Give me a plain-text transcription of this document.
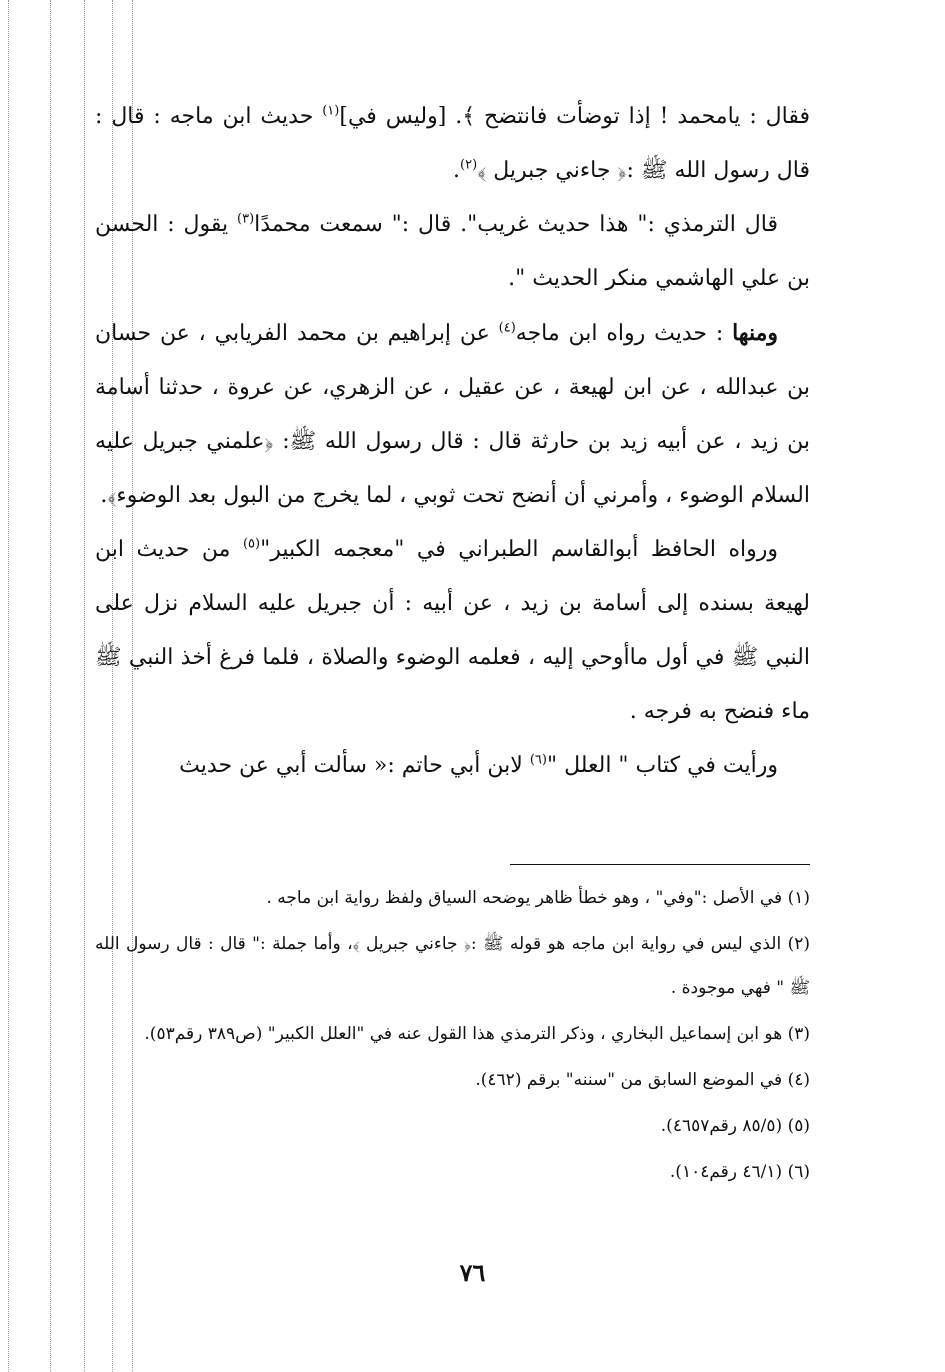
فقال : يامحمد ! إذا توضأت فانتضح ﴾. [وليس في]$^{(١)}$ حديث ابن ماجه : قال : قال رسول الله ﷺ :﴿ جاءني جبريل ﴾$^{(٢)}$.

قال الترمذي :" هذا حديث غريب". قال :" سمعت محمدًا$^{(٣)}$ يقول : الحسن بن علي الهاشمي منكر الحديث ".

ومنها : حديث رواه ابن ماجه$^{(٤)}$ عن إبراهيم بن محمد الفريابي ، عن حسان بن عبدالله ، عن ابن لهيعة ، عن عقيل ، عن الزهري، عن عروة ، حدثنا أسامة بن زيد ، عن أبيه زيد بن حارثة قال : قال رسول الله ﷺ: ﴿علمني جبريل عليه السلام الوضوء ، وأمرني أن أنضح تحت ثوبي ، لما يخرج من البول بعد الوضوء﴾.

ورواه الحافظ أبوالقاسم الطبراني في "معجمه الكبير"$^{(٥)}$ من حديث ابن لهيعة بسنده إلى أسامة بن زيد ، عن أبيه : أن جبريل عليه السلام نزل على النبي ﷺ في أول ماأوحي إليه ، فعلمه الوضوء والصلاة ، فلما فرغ أخذ النبي ﷺ ماء فنضح به فرجه .

ورأيت في كتاب " العلل "$^{(٦)}$ لابن أبي حاتم :« سألت أبي عن حديث

(١) في الأصل :"وفي" ، وهو خطأ ظاهر يوضحه السياق ولفظ رواية ابن ماجه .

(٢) الذي ليس في رواية ابن ماجه هو قوله ﷺ :﴿ جاءني جبريل ﴾، وأما جملة :" قال : قال رسول الله ﷺ " فهي موجودة .

(٣) هو ابن إسماعيل البخاري ، وذكر الترمذي هذا القول عنه في "العلل الكبير" (ص٣٨٩ رقم٥٣).

(٤) في الموضع السابق من "سننه" برقم (٤٦٢).

(٥) (٨٥/٥ رقم٤٦٥٧).

(٦) (٤٦/١ رقم١٠٤).

٧٦
